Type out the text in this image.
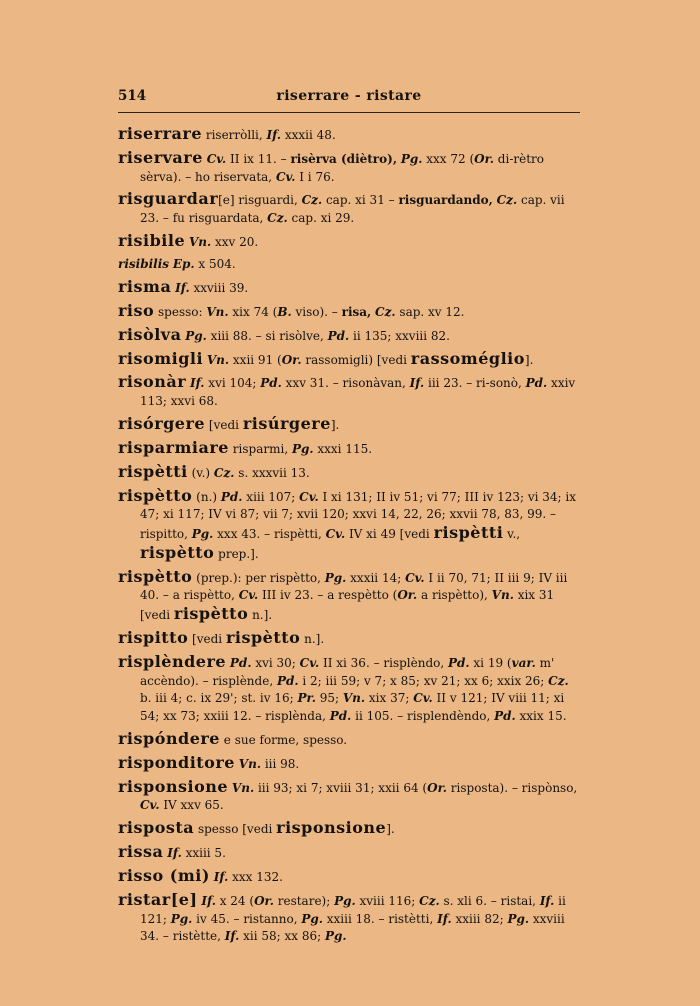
514	riserrare - ristare

riserrare riserròlli, If. xxxii 48.

riservare Cv. II ix 11. – risèrva (diètro), Pg. xxx 72 (Or. di-rètro sèrva). – ho riservata, Cv. I i 76.

risguardar[e] risguardi, Cz. cap. xi 31 – risguardando, Cz. cap. vii 23. – fu risguardata, Cz. cap. xi 29.

risibile Vn. xxv 20.

risibilis Ep. x 504.

risma If. xxviii 39.

riso spesso: Vn. xix 74 (B. viso). – risa, Cz. sap. xv 12.

risòlva Pg. xiii 88. – si risòlve, Pd. ii 135; xxviii 82.

risomigli Vn. xxii 91 (Or. rassomigli) [vedi rassoméglio].

risonàr If. xvi 104; Pd. xxv 31. – risonàvan, If. iii 23. – ri-sonò, Pd. xxiv 113; xxvi 68.

risórgere [vedi risúrgere].

risparmiare risparmi, Pg. xxxi 115.

rispètti (v.) Cz. s. xxxvii 13.

rispètto (n.) Pd. xiii 107; Cv. I xi 131; II iv 51; vi 77; III iv 123; vi 34; ix 47; xi 117; IV vi 87; vii 7; xvii 120; xxvi 14, 22, 26; xxvii 78, 83, 99. – rispitto, Pg. xxx 43. – rispètti, Cv. IV xi 49 [vedi rispètti v., rispètto prep.].

rispètto (prep.): per rispètto, Pg. xxxii 14; Cv. I ii 70, 71; II iii 9; IV iii 40. – a rispètto, Cv. III iv 23. – a respètto (Or. a rispètto), Vn. xix 31 [vedi rispètto n.].

rispitto [vedi rispètto n.].

risplèndere Pd. xvi 30; Cv. II xi 36. – risplèndo, Pd. xi 19 (var. m' accèndo). – risplènde, Pd. i 2; iii 59; v 7; x 85; xv 21; xx 6; xxix 26; Cz. b. iii 4; c. ix 29'; st. iv 16; Pr. 95; Vn. xix 37; Cv. II v 121; IV viii 11; xi 54; xx 73; xxiii 12. – risplènda, Pd. ii 105. – risplendèndo, Pd. xxix 15.

rispóndere e sue forme, spesso.

risponditore Vn. iii 98.

risponsione Vn. iii 93; xi 7; xviii 31; xxii 64 (Or. risposta). – rispònso, Cv. IV xxv 65.

risposta spesso [vedi risponsione].

rissa If. xxiii 5.

risso (mi) If. xxx 132.

ristar[e] If. x 24 (Or. restare); Pg. xviii 116; Cz. s. xli 6. – ristai, If. ii 121; Pg. iv 45. – ristanno, Pg. xxiii 18. – ristètti, If. xxiii 82; Pg. xxviii 34. – ristètte, If. xii 58; xx 86; Pg.
